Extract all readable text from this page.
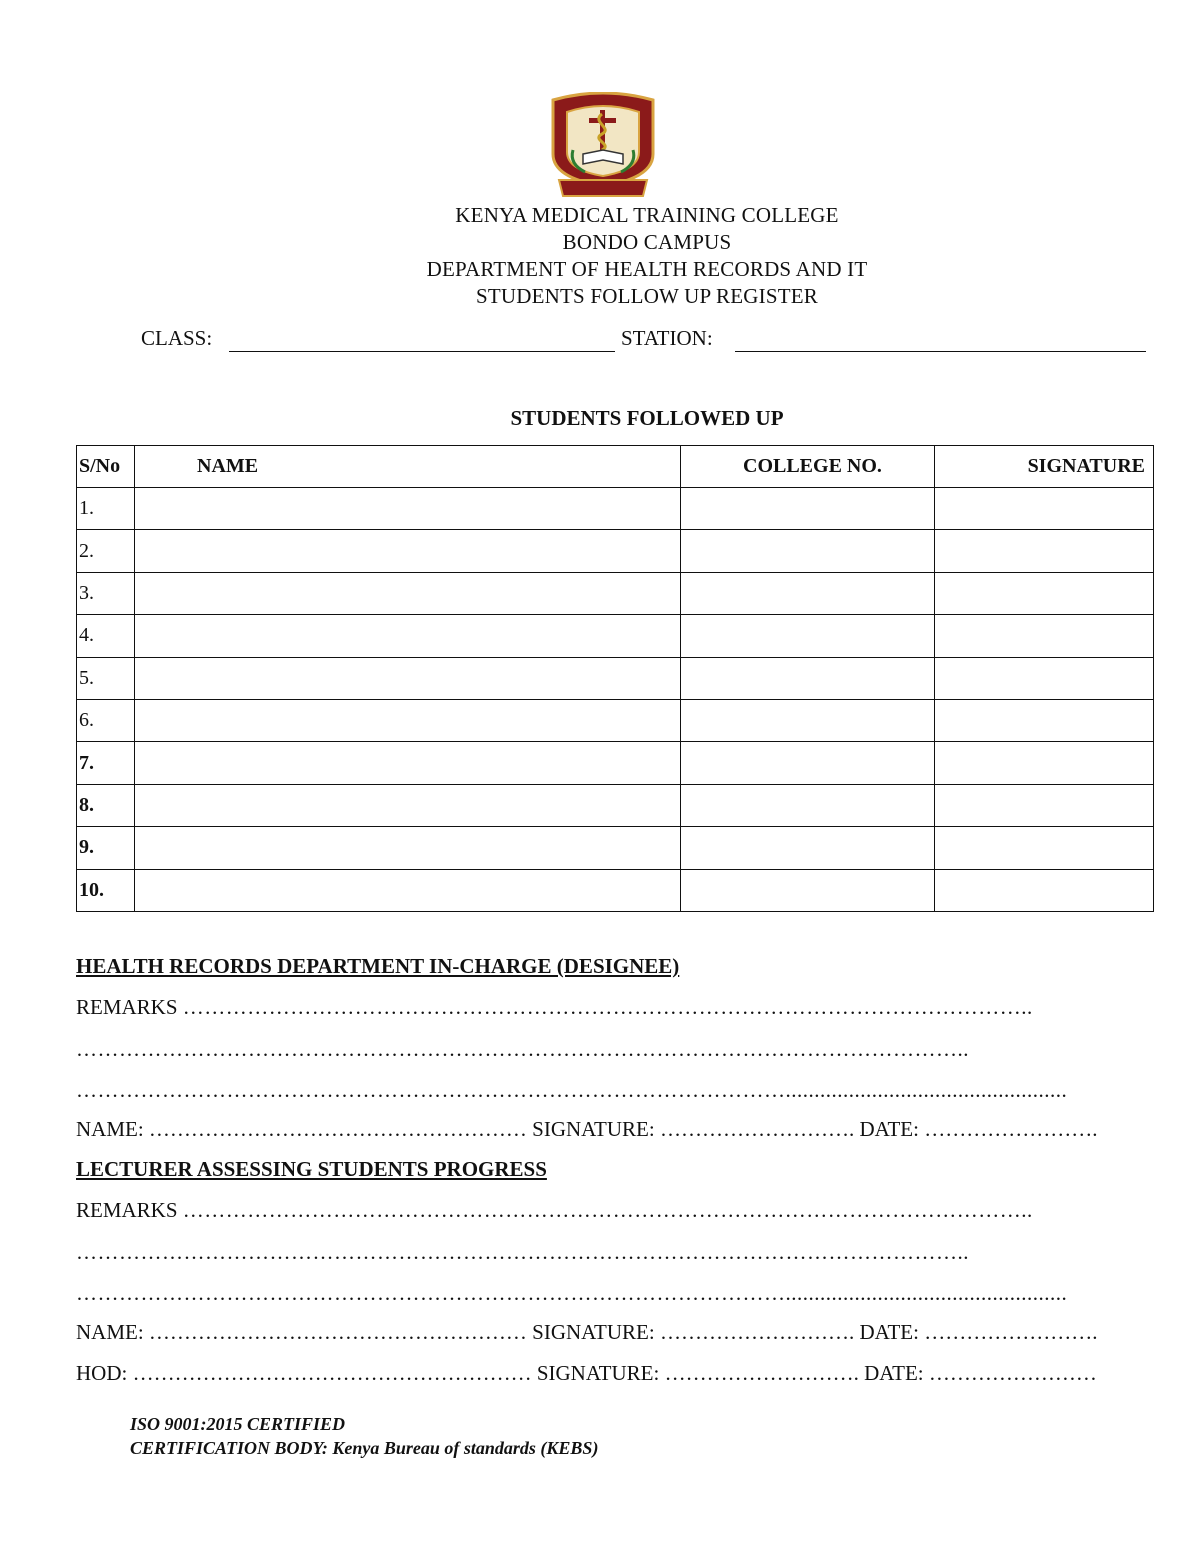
KENYA MEDICAL TRAINING COLLEGE
BONDO CAMPUS
DEPARTMENT OF HEALTH RECORDS AND IT
STUDENTS FOLLOW UP REGISTER
CLASS:	STATION:
STUDENTS FOLLOWED UP
S/No	NAME	COLLEGE NO.	SIGNATURE
1.			
2.			
3.			
4.			
5.			
6.			
7.			
8.			
9.			
10.			
HEALTH RECORDS DEPARTMENT IN-CHARGE (DESIGNEE)
REMARKS ………………………………………………………………………………………………………..
……………………………………………………………………………………………………………..
……………………………………………………………………………………….................................................
NAME: ……………………………………………… SIGNATURE: ………………………. DATE: …………………….
LECTURER ASSESSING STUDENTS PROGRESS
REMARKS ………………………………………………………………………………………………………..
……………………………………………………………………………………………………………..
……………………………………………………………………………………….................................................
NAME: ……………………………………………… SIGNATURE: ………………………. DATE: …………………….
HOD: ………………………………………………… SIGNATURE: ………………………. DATE: ……………………
ISO 9001:2015 CERTIFIED
CERTIFICATION BODY: Kenya Bureau of standards (KEBS)
